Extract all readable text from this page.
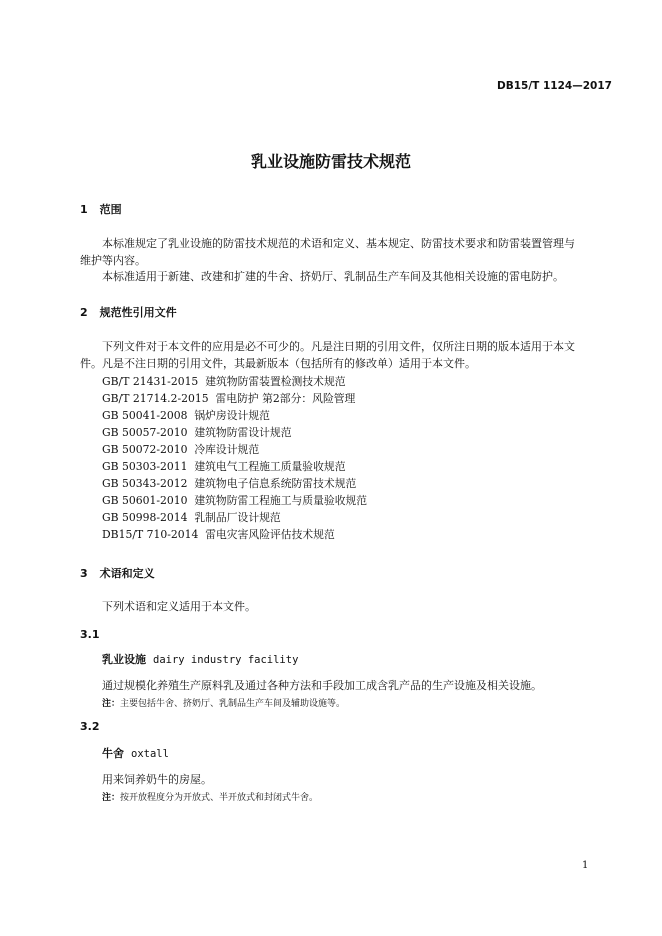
DB15/T 1124—2017
乳业设施防雷技术规范
1 范围
本标准规定了乳业设施的防雷技术规范的术语和定义、基本规定、防雷技术要求和防雷装置管理与
维护等内容。
本标准适用于新建、改建和扩建的牛舍、挤奶厅、乳制品生产车间及其他相关设施的雷电防护。
2 规范性引用文件
下列文件对于本文件的应用是必不可少的。凡是注日期的引用文件，仅所注日期的版本适用于本文
件。凡是不注日期的引用文件，其最新版本（包括所有的修改单）适用于本文件。
GB/T 21431-2015 建筑物防雷装置检测技术规范
GB/T 21714.2-2015 雷电防护 第2部分：风险管理
GB 50041-2008 锅炉房设计规范
GB 50057-2010 建筑物防雷设计规范
GB 50072-2010 冷库设计规范
GB 50303-2011 建筑电气工程施工质量验收规范
GB 50343-2012 建筑物电子信息系统防雷技术规范
GB 50601-2010 建筑物防雷工程施工与质量验收规范
GB 50998-2014 乳制品厂设计规范
DB15/T 710-2014 雷电灾害风险评估技术规范
3 术语和定义
下列术语和定义适用于本文件。
3.1
乳业设施 dairy industry facility
通过规模化养殖生产原料乳及通过各种方法和手段加工成含乳产品的生产设施及相关设施。
注：主要包括牛舍、挤奶厅、乳制品生产车间及辅助设施等。
3.2
牛舍 oxtall
用来饲养奶牛的房屋。
注：按开放程度分为开放式、半开放式和封闭式牛舍。
1
